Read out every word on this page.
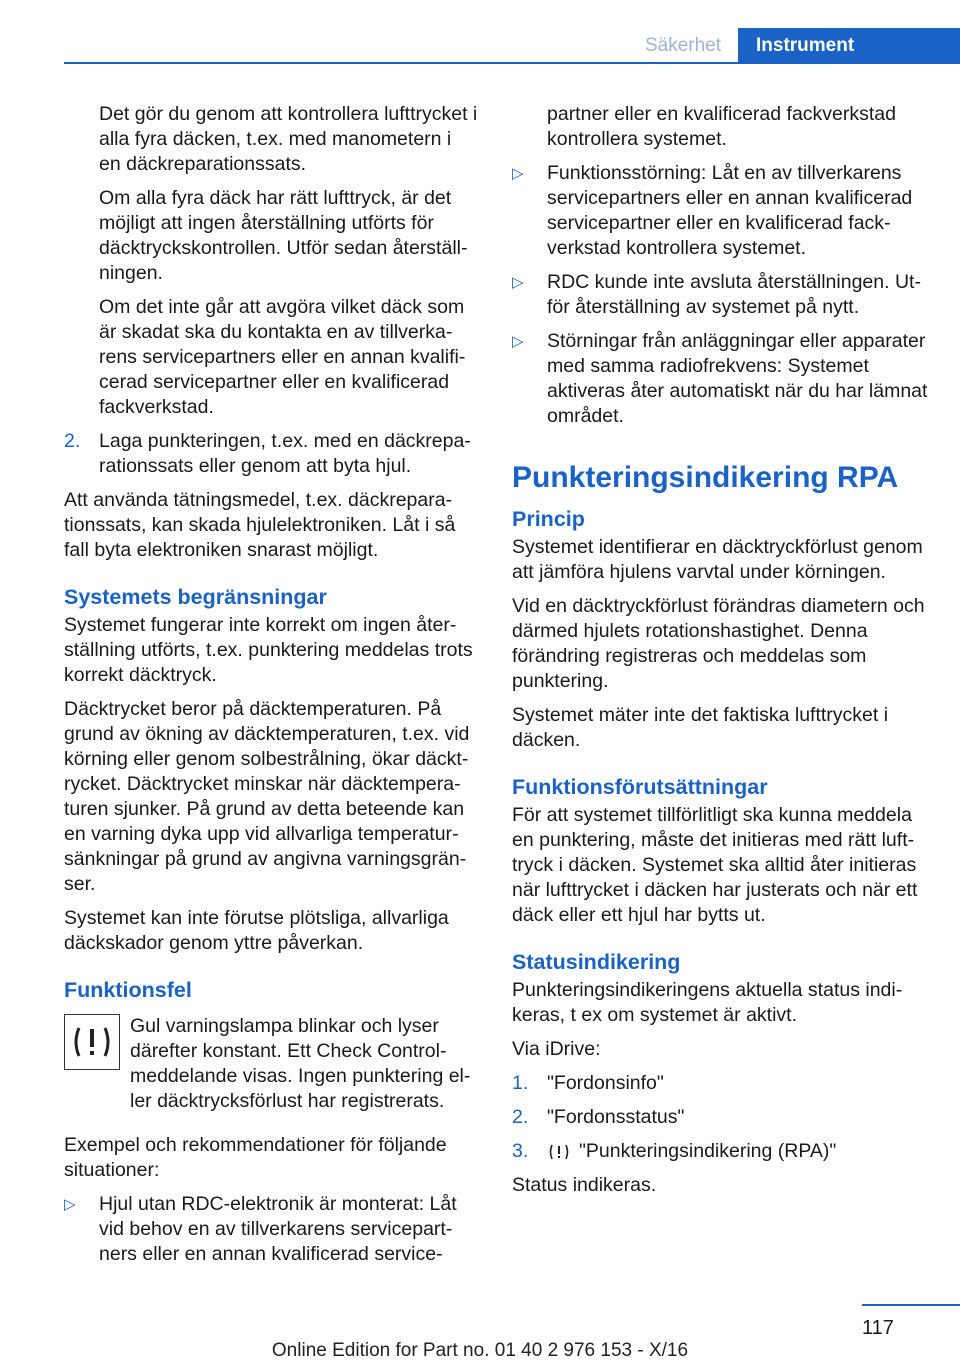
Säkerhet	Instrument

Det gör du genom att kontrollera lufttrycket i alla fyra däcken, t.ex. med manometern i en däckreparationssats.

Om alla fyra däck har rätt lufttryck, är det möjligt att ingen återställning utförts för däcktryckskontrollen. Utför sedan återställningen.

Om det inte går att avgöra vilket däck som är skadat ska du kontakta en av tillverkarens servicepartners eller en annan kvalificerad servicepartner eller en kvalificerad fackverkstad.

2. Laga punkteringen, t.ex. med en däckreparationssats eller genom att byta hjul.

Att använda tätningsmedel, t.ex. däckreparationssats, kan skada hjulelektroniken. Låt i så fall byta elektroniken snarast möjligt.

Systemets begränsningar

Systemet fungerar inte korrekt om ingen återställning utförts, t.ex. punktering meddelas trots korrekt däcktryck.

Däcktrycket beror på däcktemperaturen. På grund av ökning av däcktemperaturen, t.ex. vid körning eller genom solbestrålning, ökar däcktrycket. Däcktrycket minskar när däcktemperaturen sjunker. På grund av detta beteende kan en varning dyka upp vid allvarliga temperatursänkningar på grund av angivna varningsgränser.

Systemet kan inte förutse plötsliga, allvarliga däckskador genom yttre påverkan.

Funktionsfel

Gul varningslampa blinkar och lyser därefter konstant. Ett Check Control-meddelande visas. Ingen punktering eller däcktrycksförlust har registrerats.

Exempel och rekommendationer för följande situationer:

▷	Hjul utan RDC-elektronik är monterat: Låt vid behov en av tillverkarens servicepartners eller en annan kvalificerad service-

partner eller en kvalificerad fackverkstad kontrollera systemet.

▷	Funktionsstörning: Låt en av tillverkarens servicepartners eller en annan kvalificerad servicepartner eller en kvalificerad fackverkstad kontrollera systemet.
▷	RDC kunde inte avsluta återställningen. Utför återställning av systemet på nytt.
▷	Störningar från anläggningar eller apparater med samma radiofrekvens: Systemet aktiveras åter automatiskt när du har lämnat området.
Punkteringsindikering RPA
Princip

Systemet identifierar en däcktryckförlust genom att jämföra hjulens varvtal under körningen.

Vid en däcktryckförlust förändras diametern och därmed hjulets rotationshastighet. Denna förändring registreras och meddelas som punktering.

Systemet mäter inte det faktiska lufttrycket i däcken.

Funktionsförutsättningar

För att systemet tillförlitligt ska kunna meddela en punktering, måste det initieras med rätt lufttryck i däcken. Systemet ska alltid åter initieras när lufttrycket i däcken har justerats och när ett däck eller ett hjul har bytts ut.

Statusindikering

Punkteringsindikeringens aktuella status indikeras, t ex om systemet är aktivt.

Via iDrive:

1. "Fordonsinfo"
2. "Fordonsstatus"
3.	"Punkteringsindikering (RPA)"

Status indikeras.

117
Online Edition for Part no. 01 40 2 976 153 - X/16
